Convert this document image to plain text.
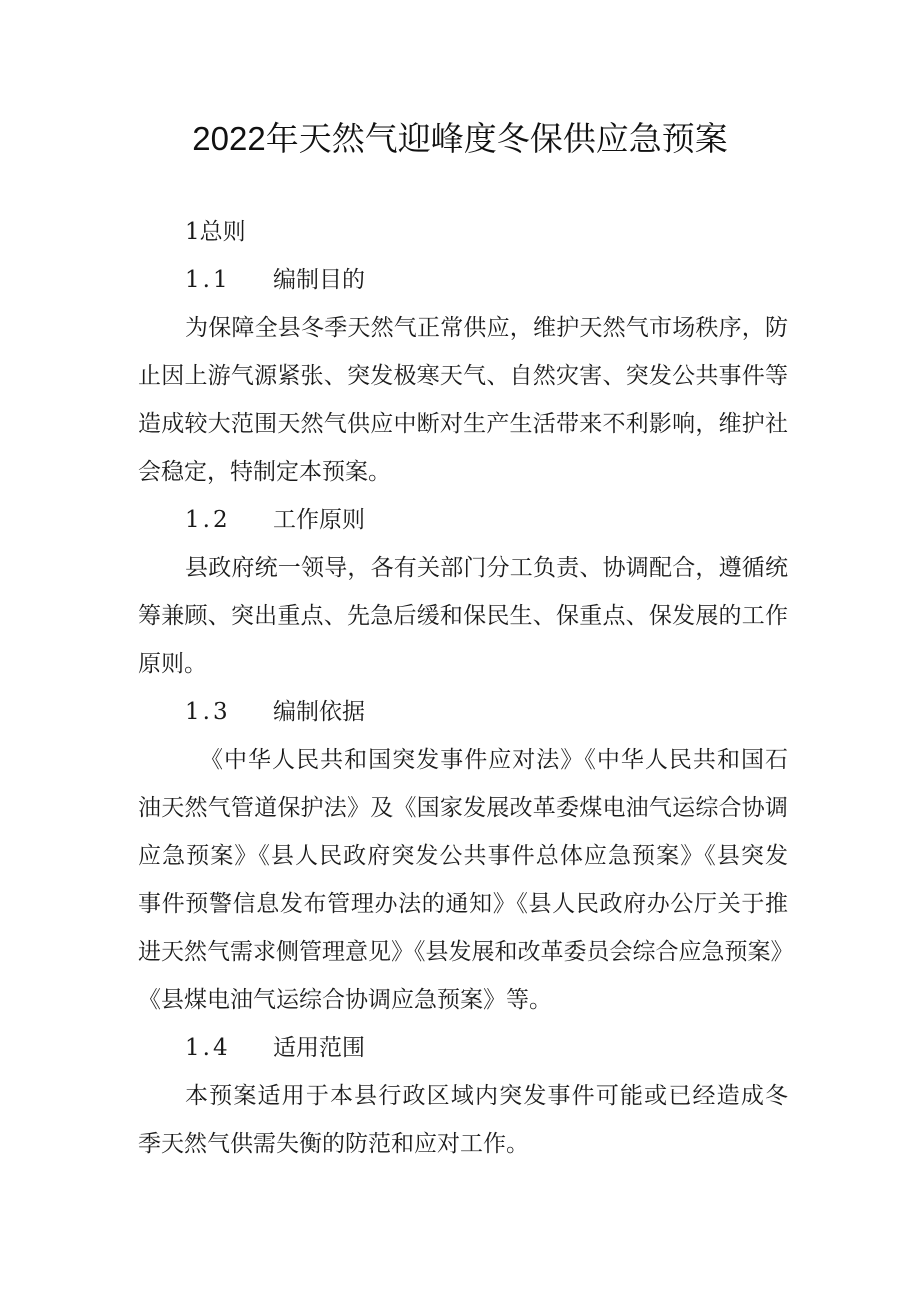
2022年天然气迎峰度冬保供应急预案

1总则

1.1 编制目的

为保障全县冬季天然气正常供应，维护天然气市场秩序，防
止因上游气源紧张、突发极寒天气、自然灾害、突发公共事件等
造成较大范围天然气供应中断对生产生活带来不利影响，维护社
会稳定，特制定本预案。

1.2 工作原则

县政府统一领导，各有关部门分工负责、协调配合，遵循统
筹兼顾、突出重点、先急后缓和保民生、保重点、保发展的工作
原则。

1.3 编制依据

《中华人民共和国突发事件应对法》《中华人民共和国石
油天然气管道保护法》及《国家发展改革委煤电油气运综合协调
应急预案》《县人民政府突发公共事件总体应急预案》《县突发
事件预警信息发布管理办法的通知》《县人民政府办公厅关于推
进天然气需求侧管理意见》《县发展和改革委员会综合应急预案》
《县煤电油气运综合协调应急预案》等。

1.4 适用范围

本预案适用于本县行政区域内突发事件可能或已经造成冬
季天然气供需失衡的防范和应对工作。
